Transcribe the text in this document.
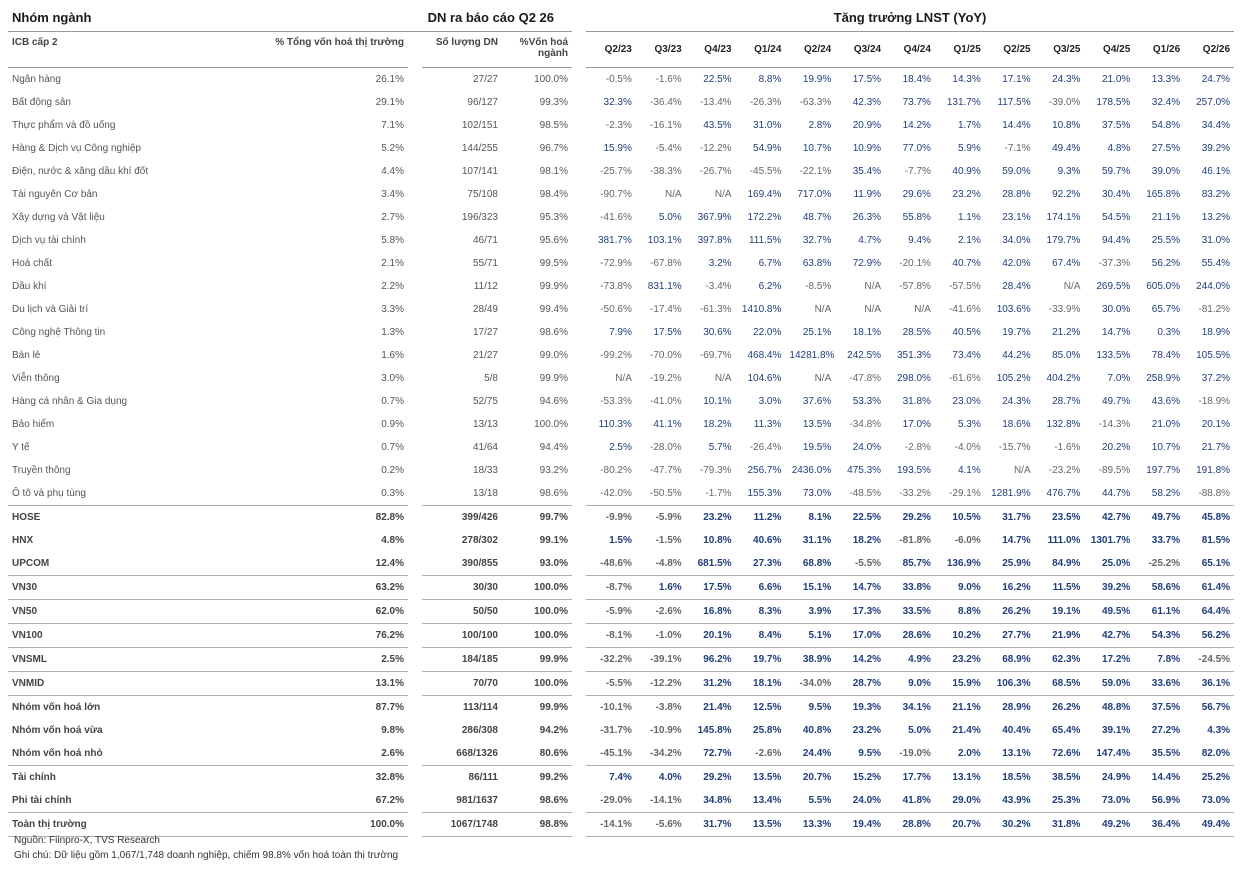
Nhóm ngành	DN ra báo cáo Q2 26					Tăng trưởng LNST (YoY)												
ICB cấp 2	% Tổng vốn hoá thị trường		Số lượng DN	%Vốn hoá
ngành		Q2/23	Q3/23	Q4/23	Q1/24	Q2/24	Q3/24	Q4/24	Q1/25	Q2/25	Q3/25	Q4/25	Q1/26	Q2/26
Ngân hàng	26.1%		27/27	100.0%		-0.5%	-1.6%	22.5%	8.8%	19.9%	17.5%	18.4%	14.3%	17.1%	24.3%	21.0%	13.3%	24.7%
Bất động sản	29.1%		96/127	99.3%		32.3%	-36.4%	-13.4%	-26.3%	-63.3%	42.3%	73.7%	131.7%	117.5%	-39.0%	178.5%	32.4%	257.0%
Thực phẩm và đồ uống	7.1%		102/151	98.5%		-2.3%	-16.1%	43.5%	31.0%	2.8%	20.9%	14.2%	1.7%	14.4%	10.8%	37.5%	54.8%	34.4%
Hàng & Dịch vụ Công nghiệp	5.2%		144/255	96.7%		15.9%	-5.4%	-12.2%	54.9%	10.7%	10.9%	77.0%	5.9%	-7.1%	49.4%	4.8%	27.5%	39.2%
Điện, nước & xăng dầu khí đốt	4.4%		107/141	98.1%		-25.7%	-38.3%	-26.7%	-45.5%	-22.1%	35.4%	-7.7%	40.9%	59.0%	9.3%	59.7%	39.0%	46.1%
Tài nguyên Cơ bản	3.4%		75/108	98.4%		-90.7%	N/A	N/A	169.4%	717.0%	11.9%	29.6%	23.2%	28.8%	92.2%	30.4%	165.8%	83.2%
Xây dựng và Vật liệu	2.7%		196/323	95.3%		-41.6%	5.0%	367.9%	172.2%	48.7%	26.3%	55.8%	1.1%	23.1%	174.1%	54.5%	21.1%	13.2%
Dịch vụ tài chính	5.8%		46/71	95.6%		381.7%	103.1%	397.8%	111.5%	32.7%	4.7%	9.4%	2.1%	34.0%	179.7%	94.4%	25.5%	31.0%
Hoá chất	2.1%		55/71	99.5%		-72.9%	-67.8%	3.2%	6.7%	63.8%	72.9%	-20.1%	40.7%	42.0%	67.4%	-37.3%	56.2%	55.4%
Dầu khí	2.2%		11/12	99.9%		-73.8%	831.1%	-3.4%	6.2%	-8.5%	N/A	-57.8%	-57.5%	28.4%	N/A	269.5%	605.0%	244.0%
Du lịch và Giải trí	3.3%		28/49	99.4%		-50.6%	-17.4%	-61.3%	1410.8%	N/A	N/A	N/A	-41.6%	103.6%	-33.9%	30.0%	65.7%	-81.2%
Công nghệ Thông tin	1.3%		17/27	98.6%		7.9%	17.5%	30.6%	22.0%	25.1%	18.1%	28.5%	40.5%	19.7%	21.2%	14.7%	0.3%	18.9%
Bán lẻ	1.6%		21/27	99.0%		-99.2%	-70.0%	-69.7%	468.4%	14281.8%	242.5%	351.3%	73.4%	44.2%	85.0%	133.5%	78.4%	105.5%
Viễn thông	3.0%		5/8	99.9%		N/A	-19.2%	N/A	104.6%	N/A	-47.8%	298.0%	-61.6%	105.2%	404.2%	7.0%	258.9%	37.2%
Hàng cá nhân & Gia dụng	0.7%		52/75	94.6%		-53.3%	-41.0%	10.1%	3.0%	37.6%	53.3%	31.8%	23.0%	24.3%	28.7%	49.7%	43.6%	-18.9%
Bảo hiểm	0.9%		13/13	100.0%		110.3%	41.1%	18.2%	11.3%	13.5%	-34.8%	17.0%	5.3%	18.6%	132.8%	-14.3%	21.0%	20.1%
Y tế	0.7%		41/64	94.4%		2.5%	-28.0%	5.7%	-26.4%	19.5%	24.0%	-2.8%	-4.0%	-15.7%	-1.6%	20.2%	10.7%	21.7%
Truyền thông	0.2%		18/33	93.2%		-80.2%	-47.7%	-79.3%	256.7%	2436.0%	475.3%	193.5%	4.1%	N/A	-23.2%	-89.5%	197.7%	191.8%
Ô tô và phụ tùng	0.3%		13/18	98.6%		-42.0%	-50.5%	-1.7%	155.3%	73.0%	-48.5%	-33.2%	-29.1%	1281.9%	476.7%	44.7%	58.2%	-88.8%
HOSE	82.8%		399/426	99.7%		-9.9%	-5.9%	23.2%	11.2%	8.1%	22.5%	29.2%	10.5%	31.7%	23.5%	42.7%	49.7%	45.8%
HNX	4.8%		278/302	99.1%		1.5%	-1.5%	10.8%	40.6%	31.1%	18.2%	-81.8%	-6.0%	14.7%	111.0%	1301.7%	33.7%	81.5%
UPCOM	12.4%		390/855	93.0%		-48.6%	-4.8%	681.5%	27.3%	68.8%	-5.5%	85.7%	136.9%	25.9%	84.9%	25.0%	-25.2%	65.1%
VN30	63.2%		30/30	100.0%		-8.7%	1.6%	17.5%	6.6%	15.1%	14.7%	33.8%	9.0%	16.2%	11.5%	39.2%	58.6%	61.4%
VN50	62.0%		50/50	100.0%		-5.9%	-2.6%	16.8%	8.3%	3.9%	17.3%	33.5%	8.8%	26.2%	19.1%	49.5%	61.1%	64.4%
VN100	76.2%		100/100	100.0%		-8.1%	-1.0%	20.1%	8.4%	5.1%	17.0%	28.6%	10.2%	27.7%	21.9%	42.7%	54.3%	56.2%
VNSML	2.5%		184/185	99.9%		-32.2%	-39.1%	96.2%	19.7%	38.9%	14.2%	4.9%	23.2%	68.9%	62.3%	17.2%	7.8%	-24.5%
VNMID	13.1%		70/70	100.0%		-5.5%	-12.2%	31.2%	18.1%	-34.0%	28.7%	9.0%	15.9%	106.3%	68.5%	59.0%	33.6%	36.1%
Nhóm vốn hoá lớn	87.7%		113/114	99.9%		-10.1%	-3.8%	21.4%	12.5%	9.5%	19.3%	34.1%	21.1%	28.9%	26.2%	48.8%	37.5%	56.7%
Nhóm vốn hoá vừa	9.8%		286/308	94.2%		-31.7%	-10.9%	145.8%	25.8%	40.8%	23.2%	5.0%	21.4%	40.4%	65.4%	39.1%	27.2%	4.3%
Nhóm vốn hoá nhỏ	2.6%		668/1326	80.6%		-45.1%	-34.2%	72.7%	-2.6%	24.4%	9.5%	-19.0%	2.0%	13.1%	72.6%	147.4%	35.5%	82.0%
Tài chính	32.8%		86/111	99.2%		7.4%	4.0%	29.2%	13.5%	20.7%	15.2%	17.7%	13.1%	18.5%	38.5%	24.9%	14.4%	25.2%
Phi tài chính	67.2%		981/1637	98.6%		-29.0%	-14.1%	34.8%	13.4%	5.5%	24.0%	41.8%	29.0%	43.9%	25.3%	73.0%	56.9%	73.0%
Toàn thị trường	100.0%		1067/1748	98.8%		-14.1%	-5.6%	31.7%	13.5%	13.3%	19.4%	28.8%	20.7%	30.2%	31.8%	49.2%	36.4%	49.4%
Nguồn: Fiinpro-X, TVS Research
Ghi chú: Dữ liệu gồm 1,067/1,748 doanh nghiệp, chiếm 98.8% vốn hoá toàn thị trường
